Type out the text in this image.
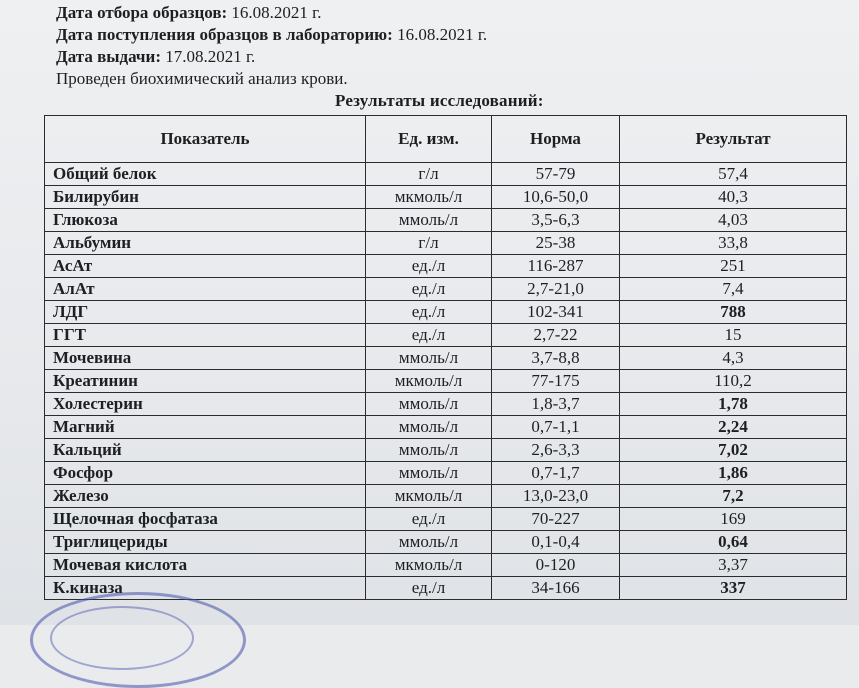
Дата отбора образцов: 16.08.2021 г.
Дата поступления образцов в лабораторию: 16.08.2021 г.
Дата выдачи: 17.08.2021 г.
Проведен биохимический анализ крови.
Результаты исследований:
Показатель	Ед. изм.	Норма	Результат
Общий белок	г/л	57-79	57,4
Билирубин	мкмоль/л	10,6-50,0	40,3
Глюкоза	ммоль/л	3,5-6,3	4,03
Альбумин	г/л	25-38	33,8
АсАт	ед./л	116-287	251
АлАт	ед./л	2,7-21,0	7,4
ЛДГ	ед./л	102-341	788
ГГТ	ед./л	2,7-22	15
Мочевина	ммоль/л	3,7-8,8	4,3
Креатинин	мкмоль/л	77-175	110,2
Холестерин	ммоль/л	1,8-3,7	1,78
Магний	ммоль/л	0,7-1,1	2,24
Кальций	ммоль/л	2,6-3,3	7,02
Фосфор	ммоль/л	0,7-1,7	1,86
Железо	мкмоль/л	13,0-23,0	7,2
Щелочная фосфатаза	ед./л	70-227	169
Триглицериды	ммоль/л	0,1-0,4	0,64
Мочевая кислота	мкмоль/л	0-120	3,37
К.киназа	ед./л	34-166	337
